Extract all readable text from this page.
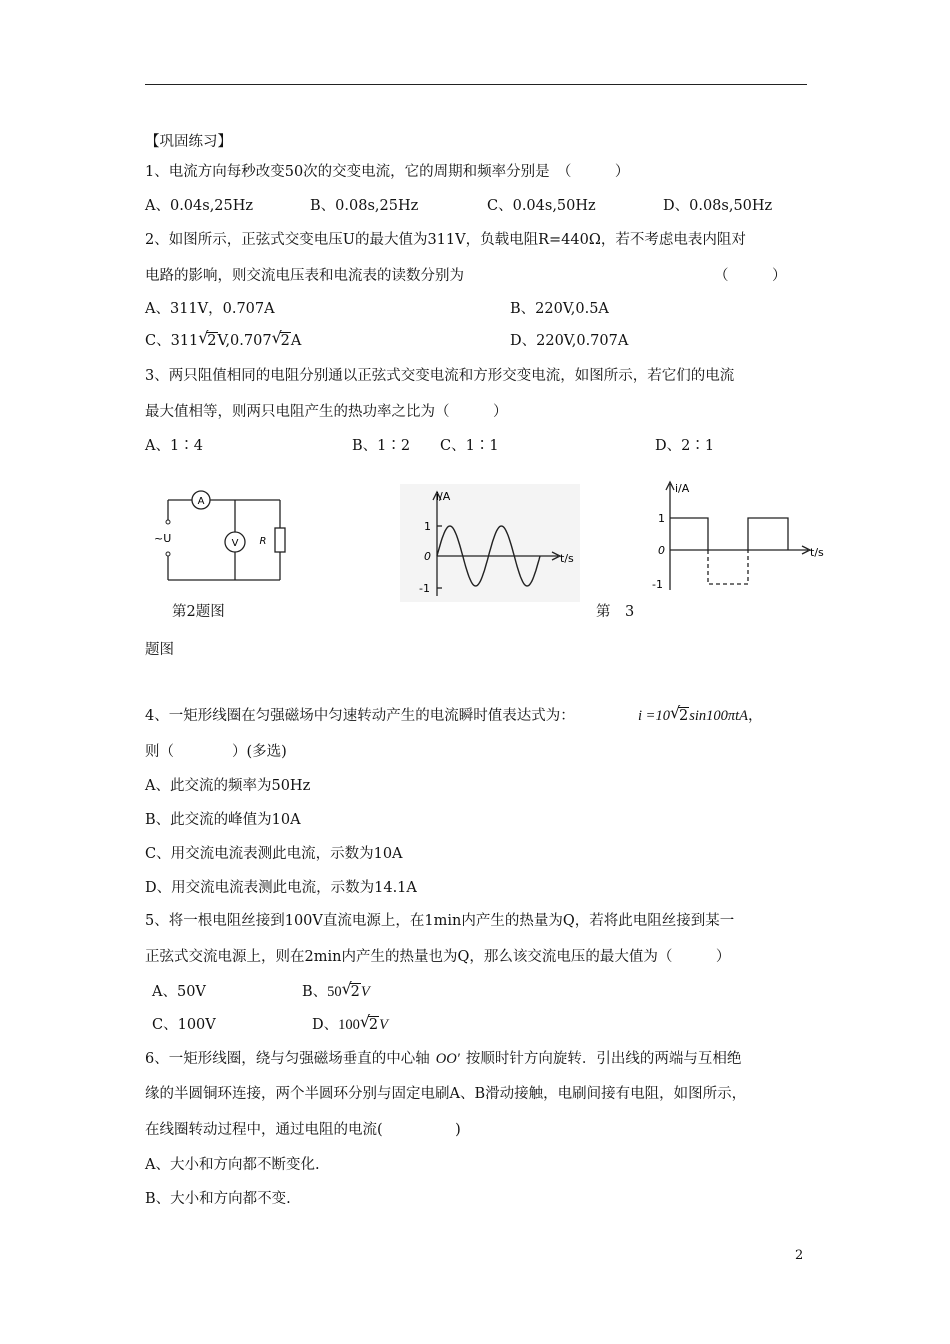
【巩固练习】
1、电流方向每秒改变50次的交变电流，它的周期和频率分别是　（　　　）
A、0.04s,25Hz	B、0.08s,25Hz	C、0.04s,50Hz	D、0.08s,50Hz
2、如图所示，正弦式交变电压U的最大值为311V，负载电阻R=440Ω，若不考虑电表内阻对
电路的影响，则交流电压表和电流表的读数分别为	（　　　）
A、311V，0.707A	B、220V,0.5A
C、311 √
2V,0.707 √
2A	D、220V,0.707A
3、两只阻值相同的电阻分别通以正弦式交变电流和方形交变电流，如图所示，若它们的电流
最大值相等，则两只电阻产生的热功率之比为（　　　）
A、1∶4	B、1∶2 C、1∶1	D、2∶1
A
V R
~U
i/A
t/s
1
0
-1
i/A
t/s
1
0
-1
第2题图	第　3
题图
4、一矩形线圈在匀强磁场中匀速转动产生的电流瞬时值表达式为：	i =10 √
2sin100πtA，
则（　　　　）(多选)
A、此交流的频率为50Hz
B、此交流的峰值为10A
C、用交流电流表测此电流，示数为10A
D、用交流电流表测此电流，示数为14.1A
5、将一根电阻丝接到100V直流电源上，在1min内产生的热量为Q，若将此电阻丝接到某一
正弦式交流电源上，则在2min内产生的热量也为Q，那么该交流电压的最大值为（　　　）
A、50V	B、50 √
2V
C、100V	D、100 √
2V
6、一矩形线圈，绕与匀强磁场垂直的中心轴 OO′ 按顺时针方向旋转．引出线的两端与互相绝
缘的半圆铜环连接，两个半圆环分别与固定电刷A、B滑动接触，电刷间接有电阻，如图所示，
在线圈转动过程中，通过电阻的电流(　　　　　)
A、大小和方向都不断变化.
B、大小和方向都不变.
2
